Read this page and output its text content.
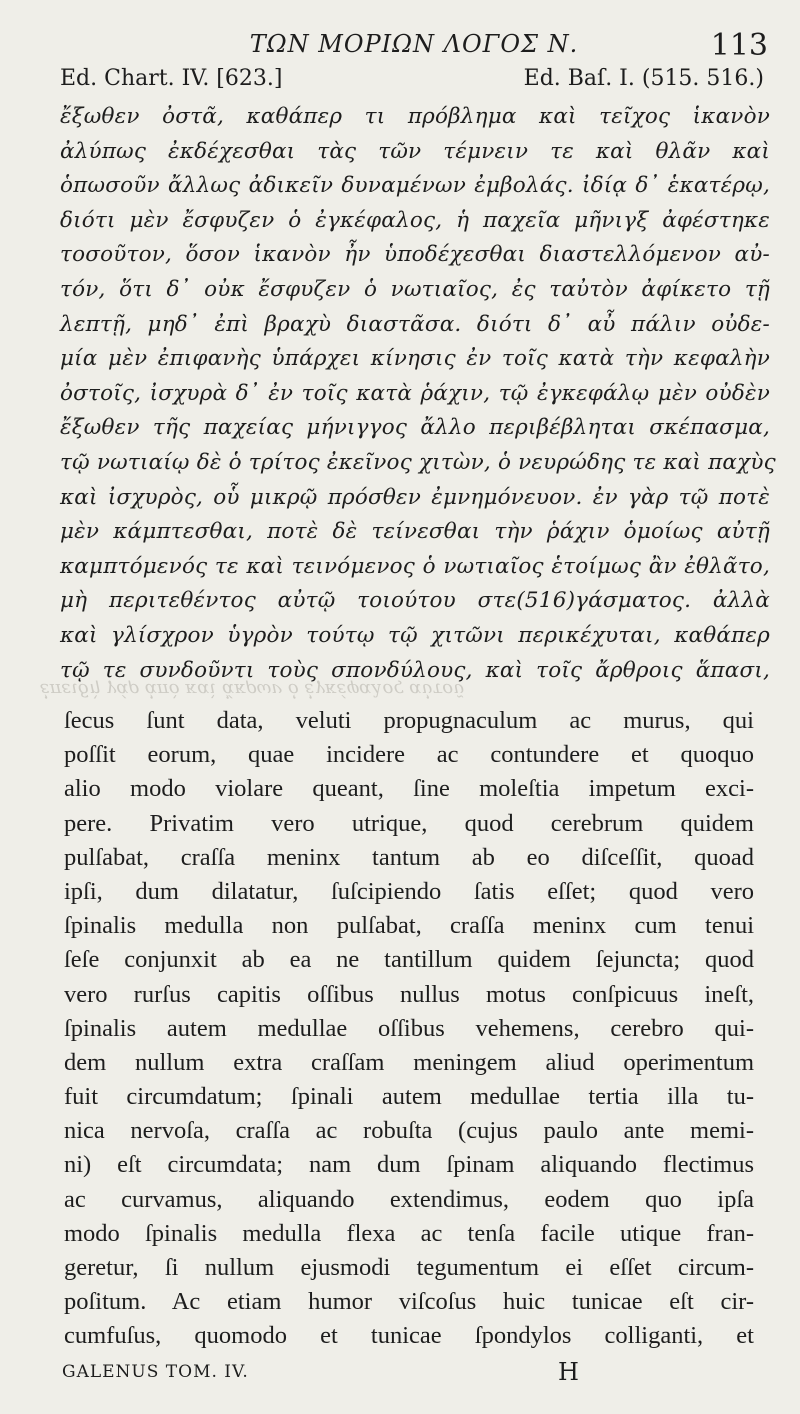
ΤΩΝ ΜΟΡΙΩΝ ΛΟΓΟΣ Ν.	113
Ed. Chart. IV. [623.]	Ed. Baſ. I. (515. 516.)
ἔξωθεν ὀστᾶ, καθάπερ τι πρόβλημα καὶ τεῖχος ἱκανὸν
ἀλύπως ἐκδέχεσθαι τὰς τῶν τέμνειν τε καὶ θλᾶν καὶ
ὁπωσοῦν ἄλλως ἀδικεῖν δυναμένων ἐμβολάς. ἰδίᾳ δ᾽ ἑκατέρῳ,
διότι μὲν ἔσφυζεν ὁ ἐγκέφαλος, ἡ παχεῖα μῆνιγξ ἀφέστηκε
τοσοῦτον, ὅσον ἱκανὸν ἦν ὑποδέχεσθαι διαστελλόμενον αὐ-
τόν, ὅτι δ᾽ οὐκ ἔσφυζεν ὁ νωτιαῖος, ἐς ταὐτὸν ἀφίκετο τῇ
λεπτῇ, μηδ᾽ ἐπὶ βραχὺ διαστᾶσα. διότι δ᾽ αὖ πάλιν οὐδε-
μία μὲν ἐπιφανὴς ὑπάρχει κίνησις ἐν τοῖς κατὰ τὴν κεφαλὴν
ὀστοῖς, ἰσχυρὰ δ᾽ ἐν τοῖς κατὰ ῥάχιν, τῷ ἐγκεφάλῳ μὲν οὐδὲν
ἔξωθεν τῆς παχείας μήνιγγος ἄλλο περιβέβληται σκέπασμα,
τῷ νωτιαίῳ δὲ ὁ τρίτος ἐκεῖνος χιτὼν, ὁ νευρώδης τε καὶ παχὺς
καὶ ἰσχυρὸς, οὗ μικρῷ πρόσθεν ἐμνημόνευον. ἐν γὰρ τῷ ποτὲ
μὲν κάμπτεσθαι, ποτὲ δὲ τείνεσθαι τὴν ῥάχιν ὁμοίως αὐτῇ
καμπτόμενός τε καὶ τεινόμενος ὁ νωτιαῖος ἑτοίμως ἂν ἐθλᾶτο,
μὴ περιτεθέντος αὐτῷ τοιούτου στε(516)γάσματος. ἀλλὰ
καὶ γλίσχρον ὑγρὸν τούτῳ τῷ χιτῶνι περικέχυται, καθάπερ
τῷ τε συνδοῦντι τοὺς σπονδύλους, καὶ τοῖς ἄρθροις ἅπασι,
ἐπειδὴ γάρ ἀπὸ καὶ ἄκρων ὁ ἐγκέφαλος αὐτοῦ
ſecus ſunt data, veluti propugnaculum ac murus, qui
poſſit eorum, quae incidere ac contundere et quoquo
alio modo violare queant, ſine moleſtia impetum exci-
pere. Privatim vero utrique, quod cerebrum quidem
pulſabat, craſſa meninx tantum ab eo diſceſſit, quoad
ipſi, dum dilatatur, ſuſcipiendo ſatis eſſet; quod vero
ſpinalis medulla non pulſabat, craſſa meninx cum tenui
ſeſe conjunxit ab ea ne tantillum quidem ſejuncta; quod
vero rurſus capitis oſſibus nullus motus conſpicuus ineſt,
ſpinalis autem medullae oſſibus vehemens, cerebro qui-
dem nullum extra craſſam meningem aliud operimentum
fuit circumdatum; ſpinali autem medullae tertia illa tu-
nica nervoſa, craſſa ac robuſta (cujus paulo ante memi-
ni) eſt circumdata; nam dum ſpinam aliquando flectimus
ac curvamus, aliquando extendimus, eodem quo ipſa
modo ſpinalis medulla flexa ac tenſa facile utique fran-
geretur, ſi nullum ejusmodi tegumentum ei eſſet circum-
poſitum. Ac etiam humor viſcoſus huic tunicae eſt cir-
cumfuſus, quomodo et tunicae ſpondylos colliganti, et
GALENUS TOM. IV.	H
